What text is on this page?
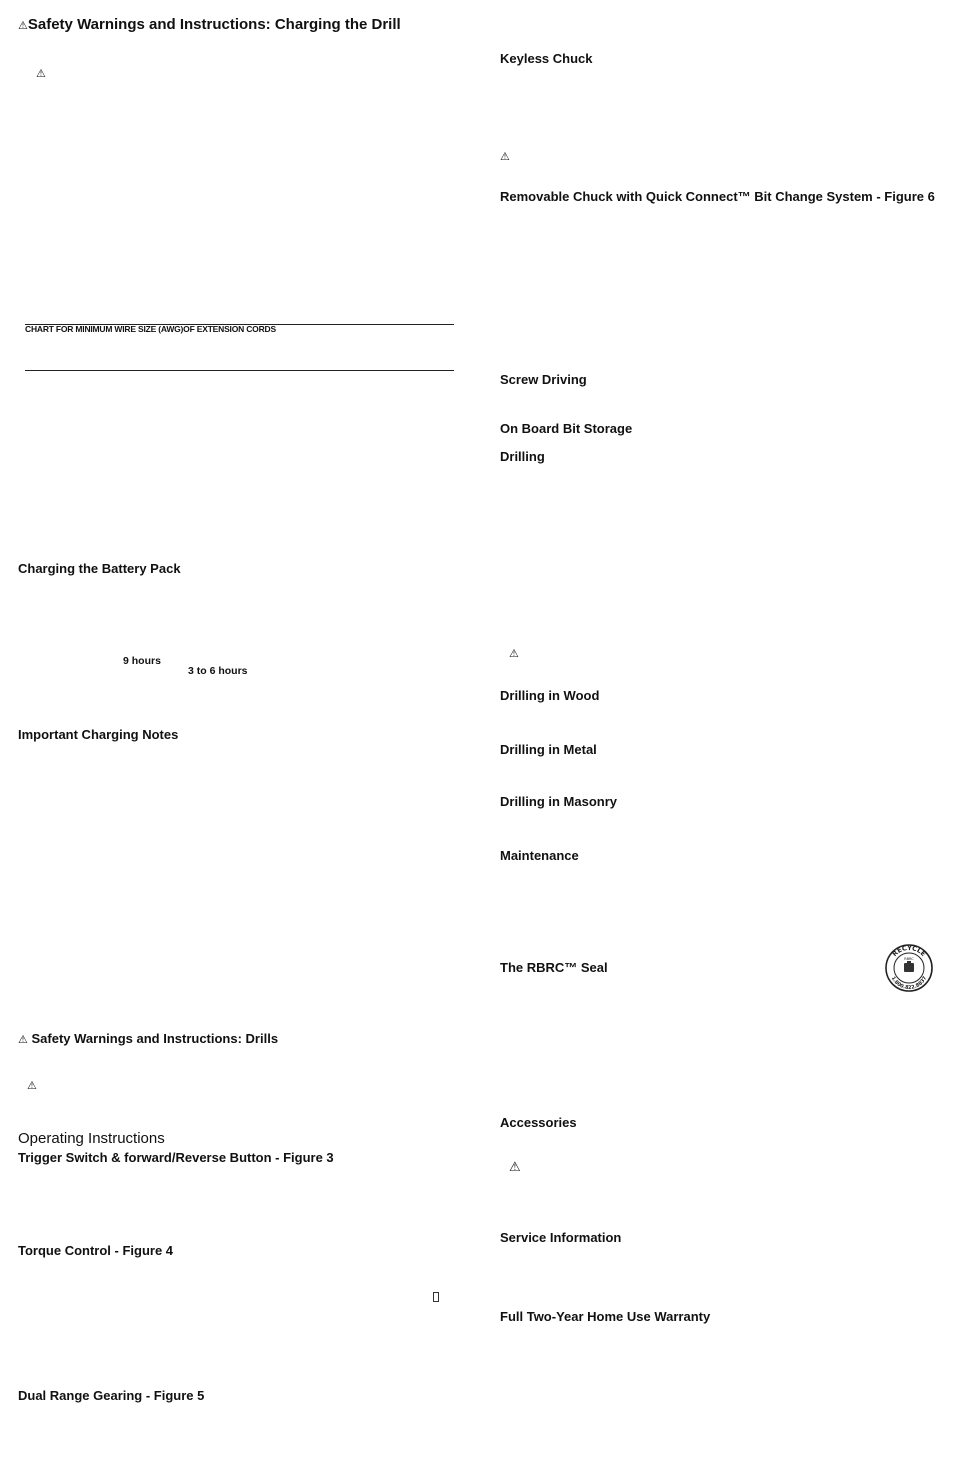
⚠Safety Warnings and Instructions: Charging the Drill
⚠
CHART FOR MINIMUM WIRE SIZE (AWG)OF EXTENSION CORDS
Charging the Battery Pack
9 hours
3 to 6 hours
Important Charging Notes
⚠ Safety Warnings and Instructions: Drills
⚠
Operating Instructions
Trigger Switch & forward/Reverse Button - Figure 3
Torque Control - Figure 4
Dual Range Gearing - Figure 5
Keyless Chuck
⚠
Removable Chuck with Quick Connect™ Bit Change System - Figure 6
Screw Driving
On Board Bit Storage
Drilling
⚠
Drilling in Wood
Drilling in Metal
Drilling in Masonry
Maintenance
The RBRC™ Seal
RECYCLE
1.800.822.8837
RBRC
Accessories
⚠
Service Information
Full Two-Year Home Use Warranty
